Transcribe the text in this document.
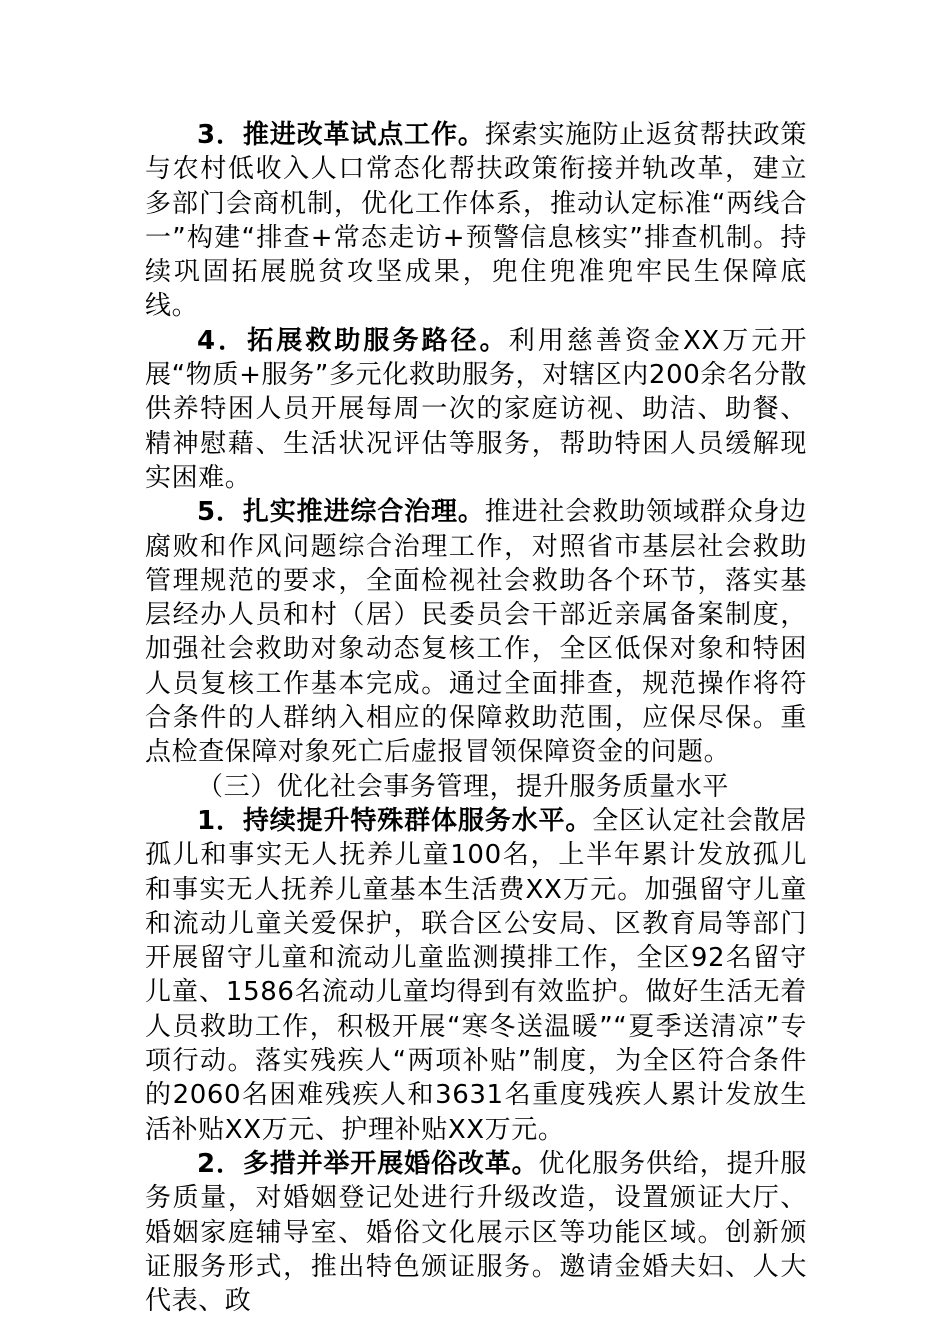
3．推进改革试点工作。探索实施防止返贫帮扶政策与农村低收入人口常态化帮扶政策衔接并轨改革，建立多部门会商机制，优化工作体系，推动认定标准“两线合一”构建“排查+常态走访+预警信息核实”排查机制。持续巩固拓展脱贫攻坚成果，兜住兜准兜牢民生保障底线。

4．拓展救助服务路径。利用慈善资金XX万元开展“物质+服务”多元化救助服务，对辖区内200余名分散供养特困人员开展每周一次的家庭访视、助洁、助餐、精神慰藉、生活状况评估等服务，帮助特困人员缓解现实困难。

5．扎实推进综合治理。推进社会救助领域群众身边腐败和作风问题综合治理工作，对照省市基层社会救助管理规范的要求，全面检视社会救助各个环节，落实基层经办人员和村（居）民委员会干部近亲属备案制度，加强社会救助对象动态复核工作，全区低保对象和特困人员复核工作基本完成。通过全面排查，规范操作将符合条件的人群纳入相应的保障救助范围，应保尽保。重点检查保障对象死亡后虚报冒领保障资金的问题。

（三）优化社会事务管理，提升服务质量水平

1．持续提升特殊群体服务水平。全区认定社会散居孤儿和事实无人抚养儿童100名，上半年累计发放孤儿和事实无人抚养儿童基本生活费XX万元。加强留守儿童和流动儿童关爱保护，联合区公安局、区教育局等部门开展留守儿童和流动儿童监测摸排工作，全区92名留守儿童、1586名流动儿童均得到有效监护。做好生活无着人员救助工作，积极开展“寒冬送温暖”“夏季送清凉”专项行动。落实残疾人“两项补贴”制度，为全区符合条件的2060名困难残疾人和3631名重度残疾人累计发放生活补贴XX万元、护理补贴XX万元。

2．多措并举开展婚俗改革。优化服务供给，提升服务质量，对婚姻登记处进行升级改造，设置颁证大厅、婚姻家庭辅导室、婚俗文化展示区等功能区域。创新颁证服务形式，推出特色颁证服务。邀请金婚夫妇、人大代表、政
